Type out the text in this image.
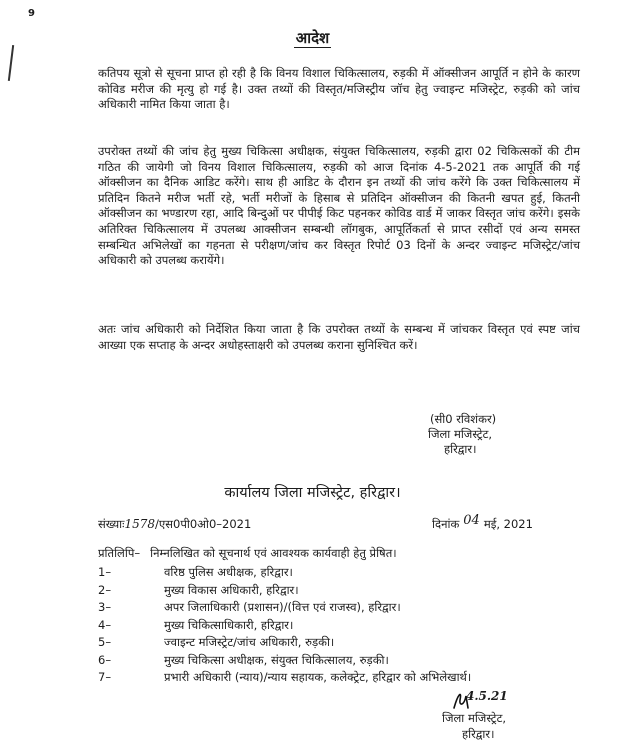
9
आदेश

कतिपय सूत्रो से सूचना प्राप्त हो रही है कि विनय विशाल चिकित्सालय, रुड़की में ऑक्सीजन आपूर्ति न होने के कारण कोविड मरीज की मृत्यु हो गई है। उक्त तथ्यों की विस्तृत/मजिस्ट्रीय जॉच हेतु ज्वाइन्ट मजिस्ट्रेट, रुड़की को जांच अधिकारी नामित किया जाता है।

उपरोक्त तथ्यों की जांच हेतु मुख्य चिकित्सा अधीक्षक, संयुक्त चिकित्सालय, रुड़की द्वारा 02 चिकित्सकों की टीम गठित की जायेगी जो विनय विशाल चिकित्सालय, रुड़की को आज दिनांक 4-5-2021 तक आपूर्ति की गई ऑक्सीजन का दैनिक आडिट करेंगे। साथ ही आडिट के दौरान इन तथ्यों की जांच करेंगे कि उक्त चिकित्सालय में प्रतिदिन कितने मरीज भर्ती रहे, भर्ती मरीजों के हिसाब से प्रतिदिन ऑक्सीजन की कितनी खपत हुई, कितनी ऑक्सीजन का भण्डारण रहा, आदि बिन्दुओं पर पीपीई किट पहनकर कोविड वार्ड में जाकर विस्तृत जांच करेंगे। इसके अतिरिक्त चिकित्सालय में उपलब्ध आक्सीजन सम्बन्धी लॉगबुक, आपूर्तिकर्ता से प्राप्त रसीदों एवं अन्य समस्त सम्बन्धित अभिलेखों का गहनता से परीक्षण/जांच कर विस्तृत रिपोर्ट 03 दिनों के अन्दर ज्वाइन्ट मजिस्ट्रेट/जांच अधिकारी को उपलब्ध करायेंगे।

अतः जांच अधिकारी को निर्देशित किया जाता है कि उपरोक्त तथ्यों के सम्बन्ध में जांचकर विस्तृत एवं स्पष्ट जांच आख्या एक सप्ताह के अन्दर अधोहस्ताक्षरी को उपलब्ध कराना सुनिश्चित करें।

(सी0 रविशंकर)
जिला मजिस्ट्रेट,
हरिद्वार।
कार्यालय जिला मजिस्ट्रेट, हरिद्वार।
संख्याः1578/एस0पी0ओ0–2021	दिनांक 04 मई, 2021
प्रतिलिपि– निम्नलिखित को सूचनार्थ एवं आवश्यक कार्यवाही हेतु प्रेषित।
1–	वरिष्ठ पुलिस अधीक्षक, हरिद्वार।
2–	मुख्य विकास अधिकारी, हरिद्वार।
3–	अपर जिलाधिकारी (प्रशासन)/(वित्त एवं राजस्व), हरिद्वार।
4–	मुख्य चिकित्साधिकारी, हरिद्वार।
5–	ज्वाइन्ट मजिस्ट्रेट/जांच अधिकारी, रुड़की।
6–	मुख्य चिकित्सा अधीक्षक, संयुक्त चिकित्सालय, रुड़की।
7–	प्रभारी अधिकारी (न्याय)/न्याय सहायक, कलेक्ट्रेट, हरिद्वार को अभिलेखार्थ।
4.5.21
जिला मजिस्ट्रेट,
हरिद्वार।
